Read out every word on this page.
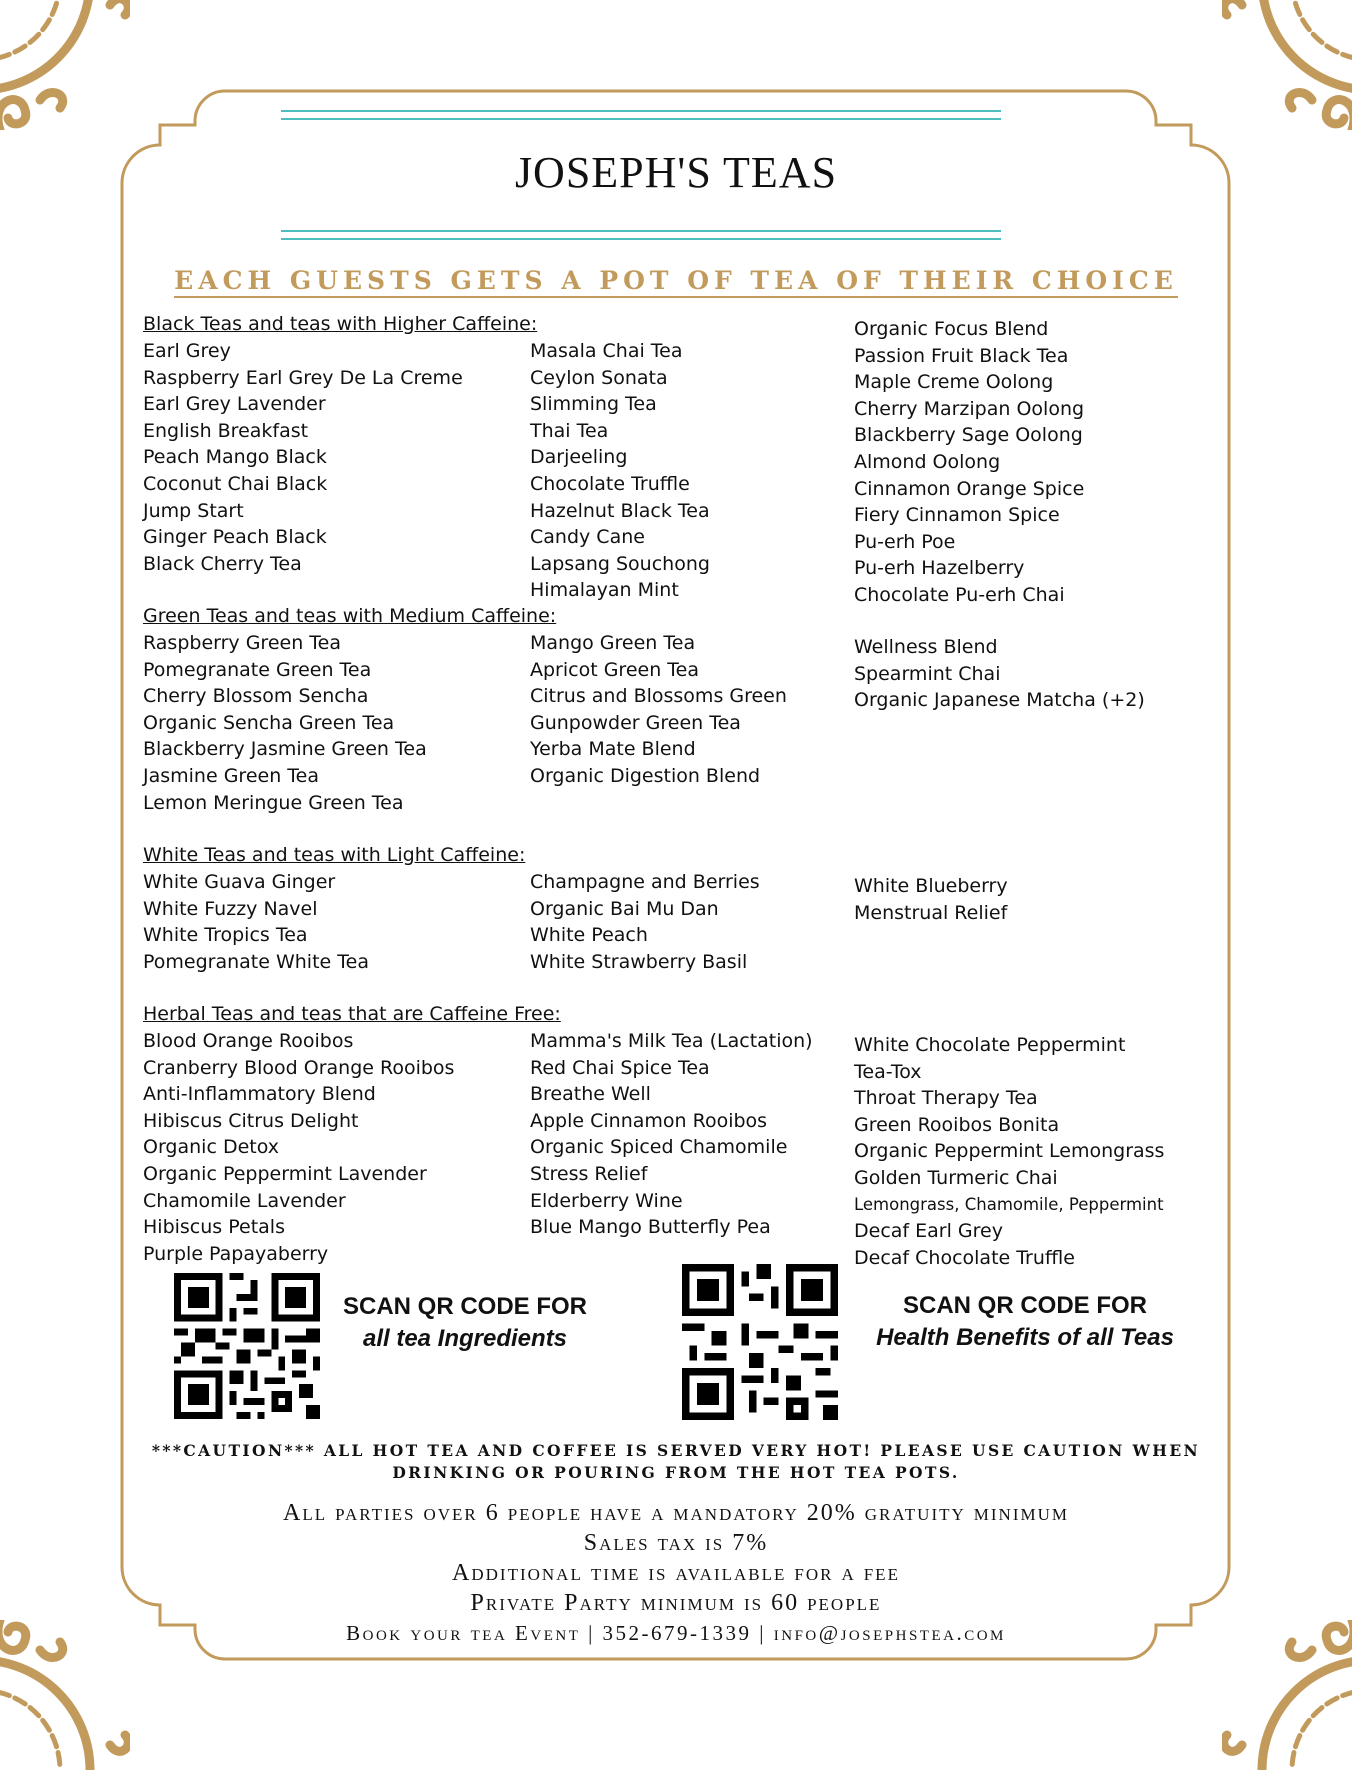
JOSEPH'S TEAS
EACH GUESTS GETS A POT OF TEA OF THEIR CHOICE
Black Teas and teas with Higher Caffeine:
Earl Grey
Raspberry Earl Grey De La Creme
Earl Grey Lavender
English Breakfast
Peach Mango Black
Coconut Chai Black
Jump Start
Ginger Peach Black
Black Cherry Tea
Masala Chai Tea
Ceylon Sonata
Slimming Tea
Thai Tea
Darjeeling
Chocolate Truffle
Hazelnut Black Tea
Candy Cane
Lapsang Souchong
Himalayan Mint
Organic Focus Blend
Passion Fruit Black Tea
Maple Creme Oolong
Cherry Marzipan Oolong
Blackberry Sage Oolong
Almond Oolong
Cinnamon Orange Spice
Fiery Cinnamon Spice
Pu-erh Poe
Pu-erh Hazelberry
Chocolate Pu-erh Chai
Green Teas and teas with Medium Caffeine:
Raspberry Green Tea
Pomegranate Green Tea
Cherry Blossom Sencha
Organic Sencha Green Tea
Blackberry Jasmine Green Tea
Jasmine Green Tea
Lemon Meringue Green Tea
Mango Green Tea
Apricot Green Tea
Citrus and Blossoms Green
Gunpowder Green Tea
Yerba Mate Blend
Organic Digestion Blend
Wellness Blend
Spearmint Chai
Organic Japanese Matcha (+2)
White Teas and teas with Light Caffeine:
White Guava Ginger
White Fuzzy Navel
White Tropics Tea
Pomegranate White Tea
Champagne and Berries
Organic Bai Mu Dan
White Peach
White Strawberry Basil
White Blueberry
Menstrual Relief
Herbal Teas and teas that are Caffeine Free:
Blood Orange Rooibos
Cranberry Blood Orange Rooibos
Anti-Inflammatory Blend
Hibiscus Citrus Delight
Organic Detox
Organic Peppermint Lavender
Chamomile Lavender
Hibiscus Petals
Purple Papayaberry
Mamma's Milk Tea (Lactation)
Red Chai Spice Tea
Breathe Well
Apple Cinnamon Rooibos
Organic Spiced Chamomile
Stress Relief
Elderberry Wine
Blue Mango Butterfly Pea
White Chocolate Peppermint
Tea-Tox
Throat Therapy Tea
Green Rooibos Bonita
Organic Peppermint Lemongrass
Golden Turmeric Chai
Lemongrass, Chamomile, Peppermint
Decaf Earl Grey
Decaf Chocolate Truffle
SCAN QR CODE FOR
all tea Ingredients
SCAN QR CODE FOR
Health Benefits of all Teas
***CAUTION*** ALL HOT TEA AND COFFEE IS SERVED VERY HOT! PLEASE USE CAUTION WHEN
DRINKING OR POURING FROM THE HOT TEA POTS.
All parties over 6 people have a mandatory 20% gratuity minimum
Sales tax is 7%
Additional time is available for a fee
Private Party minimum is 60 people
Book your tea Event | 352-679-1339 | info@josephstea.com
